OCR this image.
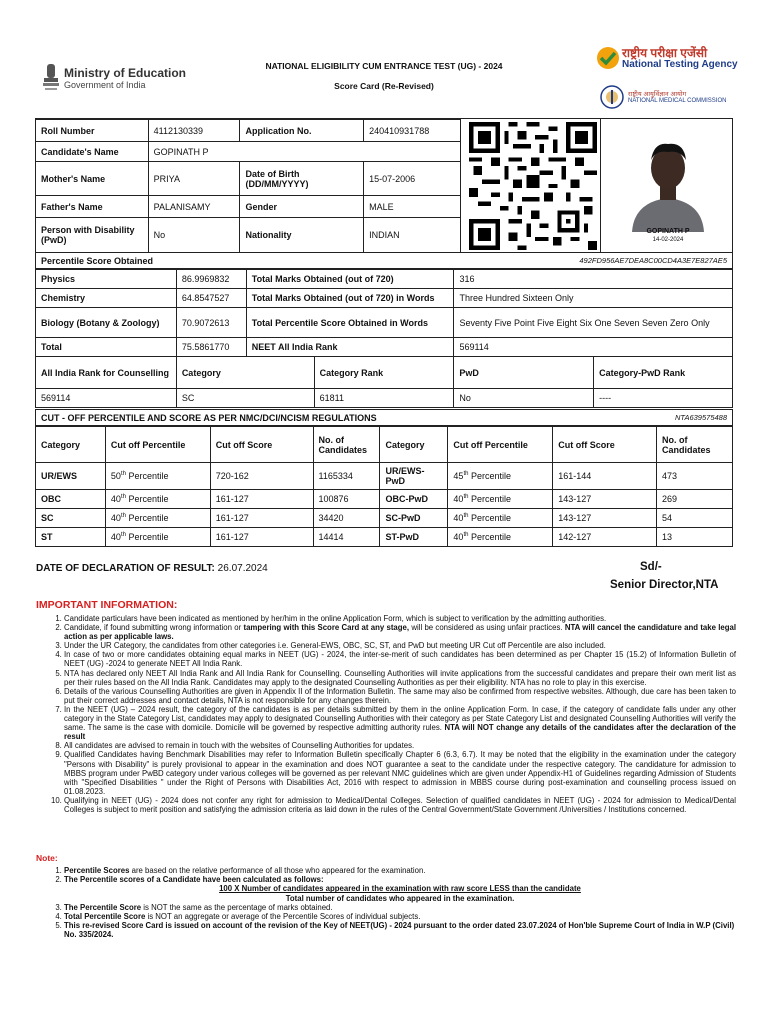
Ministry of Education
Government of India
NATIONAL ELIGIBILITY CUM ENTRANCE TEST (UG) - 2024
Score Card (Re-Revised)
राष्ट्रीय परीक्षा एजेंसी
National Testing Agency
राष्ट्रीय आयुर्विज्ञान आयोग
NATIONAL MEDICAL COMMISSION
Roll Number	4112130339	Application No.	240410931788
Candidate's Name	GOPINATH P		
Mother's Name	PRIYA	Date of Birth (DD/MM/YYYY)	15-07-2006
Father's Name	PALANISAMY	Gender	MALE
Person with Disability (PwD)	No	Nationality	INDIAN	GOPINATH P
14-02-2024
Percentile Score Obtained	492FD956AE7DEA8C00CD4A3E7E827AE5
Physics	86.9969832	Total Marks Obtained (out of 720)	316
Chemistry	64.8547527	Total Marks Obtained (out of 720) in Words	Three Hundred Sixteen Only
Biology (Botany & Zoology)	70.9072613	Total Percentile Score Obtained in Words	Seventy Five Point Five Eight Six One Seven Seven Zero Only
Total	75.5861770	NEET All India Rank	569114
All India Rank for Counselling	Category	Category Rank	PwD	Category-PwD Rank
569114	SC	61811	No	----
CUT - OFF PERCENTILE AND SCORE AS PER NMC/DCI/NCISM REGULATIONS	NTA639575488
Category	Cut off Percentile	Cut off Score	No. of Candidates	Category	Cut off Percentile	Cut off Score	No. of Candidates
UR/EWS	50th Percentile	720-162	1165334	UR/EWS-PwD	45th Percentile	161-144	473
OBC	40th Percentile	161-127	100876	OBC-PwD	40th Percentile	143-127	269
SC	40th Percentile	161-127	34420	SC-PwD	40th Percentile	143-127	54
ST	40th Percentile	161-127	14414	ST-PwD	40th Percentile	142-127	13
DATE OF DECLARATION OF RESULT: 26.07.2024	Sd/-
Senior Director,NTA
IMPORTANT INFORMATION:
1. Candidate particulars have been indicated as mentioned by her/him in the online Application Form, which is subject to verification by the admitting authorities.
2. Candidate, if found submitting wrong information or tampering with this Score Card at any stage, will be considered as using unfair practices. NTA will cancel the candidature and take legal action as per applicable laws.
3. Under the UR Category, the candidates from other categories i.e. General-EWS, OBC, SC, ST, and PwD but meeting UR Cut off Percentile are also included.
4. In case of two or more candidates obtaining equal marks in NEET (UG) - 2024, the inter-se-merit of such candidates has been determined as per Chapter 15 (15.2) of Information Bulletin of NEET (UG) -2024 to generate NEET All India Rank.
5. NTA has declared only NEET All India Rank and All India Rank for Counselling. Counselling Authorities will invite applications from the successful candidates and prepare their own merit list as per their rules based on the All India Rank. Candidates may apply to the designated Counselling Authorities as per their eligibility. NTA has no role to play in this exercise.
6. Details of the various Counselling Authorities are given in Appendix II of the Information Bulletin. The same may also be confirmed from respective websites. Although, due care has been taken to put their correct addresses and contact details, NTA is not responsible for any changes therein.
7. In the NEET (UG) – 2024 result, the category of the candidates is as per details submitted by them in the online Application Form. In case, if the category of candidate falls under any other category in the State Category List, candidates may apply to designated Counselling Authorities with their category as per State Category List and designated Counselling Authorities will verify the same. The same is the case with domicile. Domicile will be governed by respective admitting authority rules. NTA will NOT change any details of the candidates after the declaration of the result
8. All candidates are advised to remain in touch with the websites of Counselling Authorities for updates.
9. Qualified Candidates having Benchmark Disabilities may refer to Information Bulletin specifically Chapter 6 (6.3, 6.7). It may be noted that the eligibility in the examination under the category "Persons with Disability" is purely provisional to appear in the examination and does NOT guarantee a seat to the candidate under the respective category. The candidature for admission to MBBS program under PwBD category under various colleges will be governed as per relevant NMC guidelines which are given under Appendix-H1 of Guidelines regarding Admission of Students with "Specified Disabilities " under the Right of Persons with Disabilities Act, 2016 with respect to admission in MBBS course during post-examination and counselling process issued on 01.08.2023.
10. Qualifying in NEET (UG) - 2024 does not confer any right for admission to Medical/Dental Colleges. Selection of qualified candidates in NEET (UG) - 2024 for admission to Medical/Dental Colleges is subject to merit position and satisfying the admission criteria as laid down in the rules of the Central Government/State Government /Universities / Institutions concerned.
Note:
1. Percentile Scores are based on the relative performance of all those who appeared for the examination.
2. The Percentile scores of a Candidate have been calculated as follows:
100 X Number of candidates appeared in the examination with raw score LESS than the candidate
Total number of candidates who appeared in the examination.
3. The Percentile Score is NOT the same as the percentage of marks obtained.
4. Total Percentile Score is NOT an aggregate or average of the Percentile Scores of individual subjects.
5. This re-revised Score Card is issued on account of the revision of the Key of NEET(UG) - 2024 pursuant to the order dated 23.07.2024 of Hon'ble Supreme Court of India in W.P (Civil) No. 335/2024.
